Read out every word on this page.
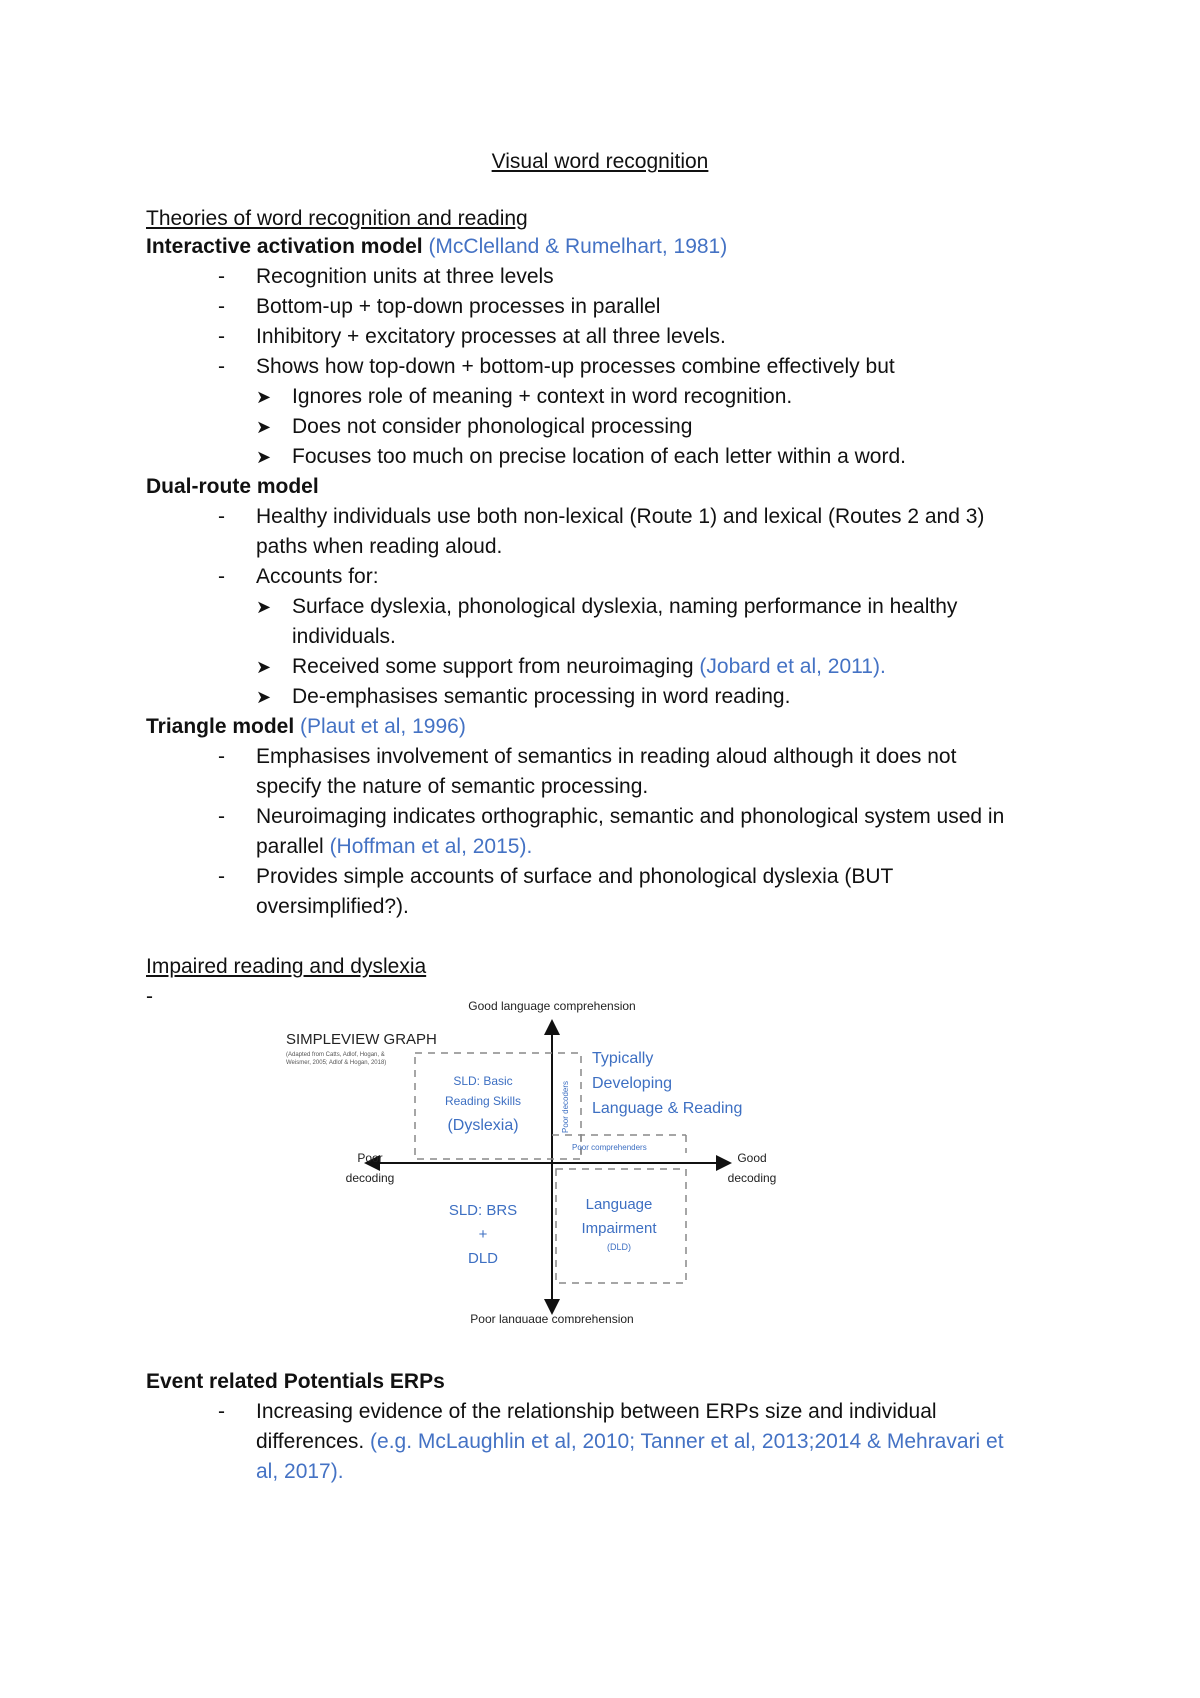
Visual word recognition
Theories of word recognition and reading
Interactive activation model (McClelland & Rumelhart, 1981)
- Recognition units at three levels
- Bottom-up + top-down processes in parallel
- Inhibitory + excitatory processes at all three levels.
- Shows how top-down + bottom-up processes combine effectively but
➤ Ignores role of meaning + context in word recognition.
➤ Does not consider phonological processing
➤ Focuses too much on precise location of each letter within a word.
Dual-route model
- Healthy individuals use both non-lexical (Route 1) and lexical (Routes 2 and 3)
paths when reading aloud.
- Accounts for:
➤ Surface dyslexia, phonological dyslexia, naming performance in healthy
individuals.
➤ Received some support from neuroimaging (Jobard et al, 2011).
➤ De-emphasises semantic processing in word reading.
Triangle model (Plaut et al, 1996)
- Emphasises involvement of semantics in reading aloud although it does not
specify the nature of semantic processing.
- Neuroimaging indicates orthographic, semantic and phonological system used in
parallel (Hoffman et al, 2015).
- Provides simple accounts of surface and phonological dyslexia (BUT
oversimplified?).
Impaired reading and dyslexia
-
SIMPLEVIEW GRAPH
(Adapted from Catts, Adlof, Hogan, &
Weismer, 2005; Adlof & Hogan, 2018)
Good language comprehension
Poor language comprehension
Poor
decoding
Good
decoding
SLD: Basic
Reading Skills
(Dyslexia)
Typically
Developing
Language & Reading
SLD: BRS
+
DLD
Language
Impairment
(DLD)
Poor decoders
Poor comprehenders
Event related Potentials ERPs
- Increasing evidence of the relationship between ERPs size and individual
differences. (e.g. McLaughlin et al, 2010; Tanner et al, 2013;2014 & Mehravari et
al, 2017).
